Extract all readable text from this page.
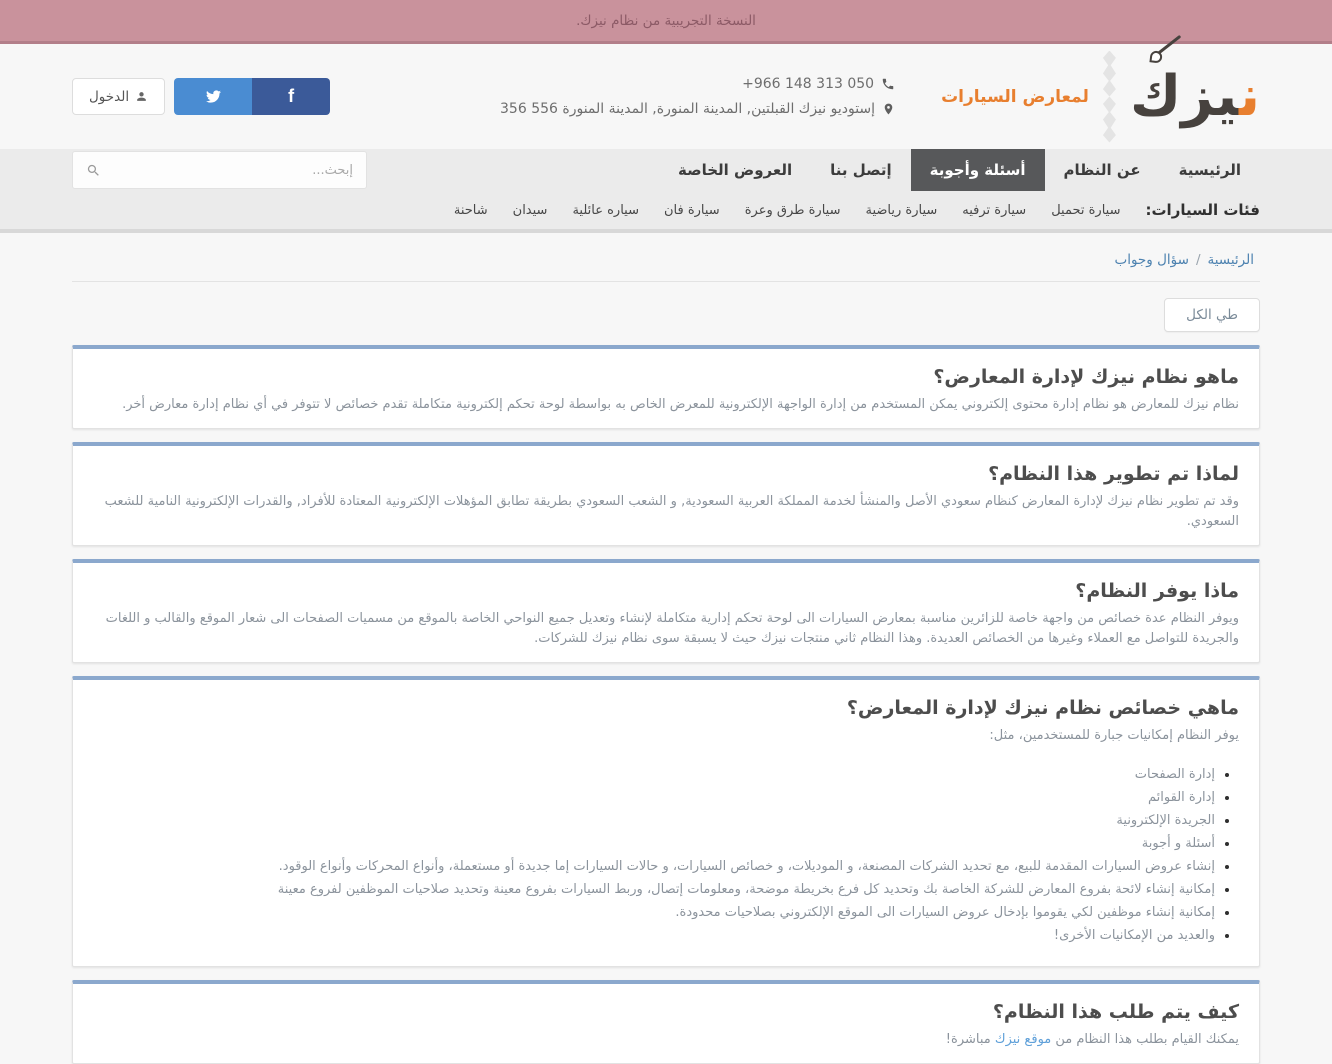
النسخة التجريبية من نظام نيزك.
ن‍‍يزك
لمعارض السيارات
+966 148 313 050
إستوديو نيزك القبلتين, المدينة المنورة, المدينة المنورة 556 356
f
الدخول
الرئيسية
عن النظام
أسئلة وأجوبة
إتصل بنا
العروض الخاصة
إبحث...
فئات السيارات:
سيارة تحميل
سيارة ترفيه
سيارة رياضية
سيارة طرق وعرة
سيارة فان
سياره عائلية
سيدان
شاحنة
الرئيسية
/
سؤال وجواب
طي الكل
ماهو نظام نيزك لإدارة المعارض؟

نظام نيزك للمعارض هو نظام إدارة محتوى إلكتروني يمكن المستخدم من إدارة الواجهة الإلكترونية للمعرض الخاص به بواسطة لوحة تحكم إلكترونية متكاملة تقدم خصائص لا تتوفر في أي نظام إدارة معارض أخر.

لماذا تم تطوير هذا النظام؟

وقد تم تطوير نظام نيزك لإدارة المعارض كنظام سعودي الأصل والمنشأ لخدمة المملكة العربية السعودية, و الشعب السعودي بطريقة تطابق المؤهلات الإلكترونية المعتادة للأفراد, والقدرات الإلكترونية النامية للشعب السعودي.

ماذا يوفر النظام؟

ويوفر النظام عدة خصائص من واجهة خاصة للزائرين مناسبة بمعارض السيارات الى لوحة تحكم إدارية متكاملة لإنشاء وتعديل جميع النواحي الخاصة بالموقع من مسميات الصفحات الى شعار الموقع والقالب و اللغات والجريدة للتواصل مع العملاء وغيرها من الخصائص العديدة. وهذا النظام ثاني منتجات نيزك حيث لا يسبقة سوى نظام نيزك للشركات.

ماهي خصائص نظام نيزك لإدارة المعارض؟

يوفر النظام إمكانيات جبارة للمستخدمين، مثل:

• إدارة الصفحات
• إدارة القوائم
• الجريدة الإلكترونية
• أسئلة و أجوبة
• إنشاء عروض السيارات المقدمة للبيع، مع تحديد الشركات المصنعة، و الموديلات، و خصائص السيارات، و حالات السيارات إما جديدة أو مستعملة، وأنواع المحركات وأنواع الوقود.
• إمكانية إنشاء لائحة بفروع المعارض للشركة الخاصة بك وتحديد كل فرع بخريطة موضحة، ومعلومات إتصال، وربط السيارات بفروع معينة وتحديد صلاحيات الموظفين لفروع معينة
• إمكانية إنشاء موظفين لكي يقوموا بإدخال عروض السيارات الى الموقع الإلكتروني بصلاحيات محدودة.
• والعديد من الإمكانيات الأخرى!
كيف يتم طلب هذا النظام؟

يمكنك القيام بطلب هذا النظام من موقع نيزك مباشرة!
